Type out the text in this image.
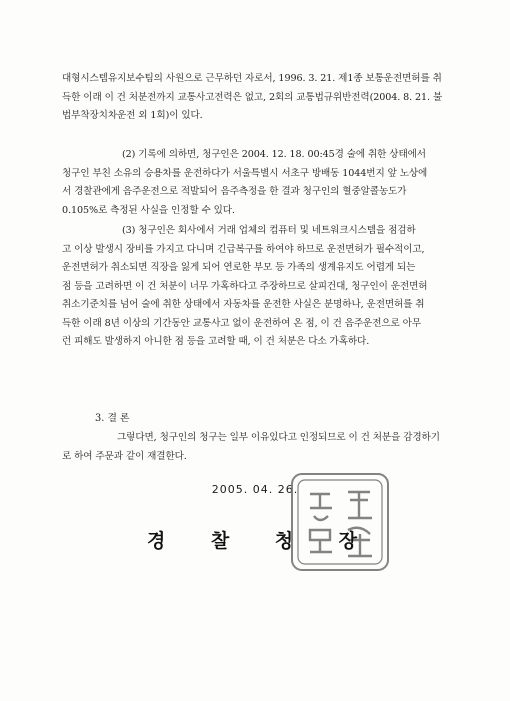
대형시스템유지보수팀의 사원으로 근무하던 자로서, 1996. 3. 21. 제1종 보통운전면허를 취
득한 이래 이 건 처분전까지 교통사고전력은 없고, 2회의 교통법규위반전력(2004. 8. 21. 불
법부착장치차운전 외 1회)이 있다.
(2) 기록에 의하면, 청구인은 2004. 12. 18. 00:45경 술에 취한 상태에서
청구인 부친 소유의 승용차를 운전하다가 서울특별시 서초구 방배동 1044번지 앞 노상에
서 경찰관에게 음주운전으로 적발되어 음주측정을 한 결과 청구인의 혈중알콜농도가
0.105%로 측정된 사실을 인정할 수 있다.
(3) 청구인은 회사에서 거래 업체의 컴퓨터 및 네트워크시스템을 점검하
고 이상 발생시 장비를 가지고 다니며 긴급복구를 하여야 하므로 운전면허가 필수적이고,
운전면허가 취소되면 직장을 잃게 되어 연로한 부모 등 가족의 생계유지도 어렵게 되는
점 등을 고려하면 이 건 처분이 너무 가혹하다고 주장하므로 살피건대, 청구인이 운전면허
취소기준치를 넘어 술에 취한 상태에서 자동차를 운전한 사실은 분명하나, 운전면허를 취
득한 이래 8년 이상의 기간동안 교통사고 없이 운전하여 온 점, 이 건 음주운전으로 아무
런 피해도 발생하지 아니한 점 등을 고려할 때, 이 건 처분은 다소 가혹하다.
3. 결 론
그렇다면, 청구인의 청구는 일부 이유있다고 인정되므로 이 건 처분을 감경하기
로 하여 주문과 같이 재결한다.
2005. 04. 26.
경 찰 청 장
